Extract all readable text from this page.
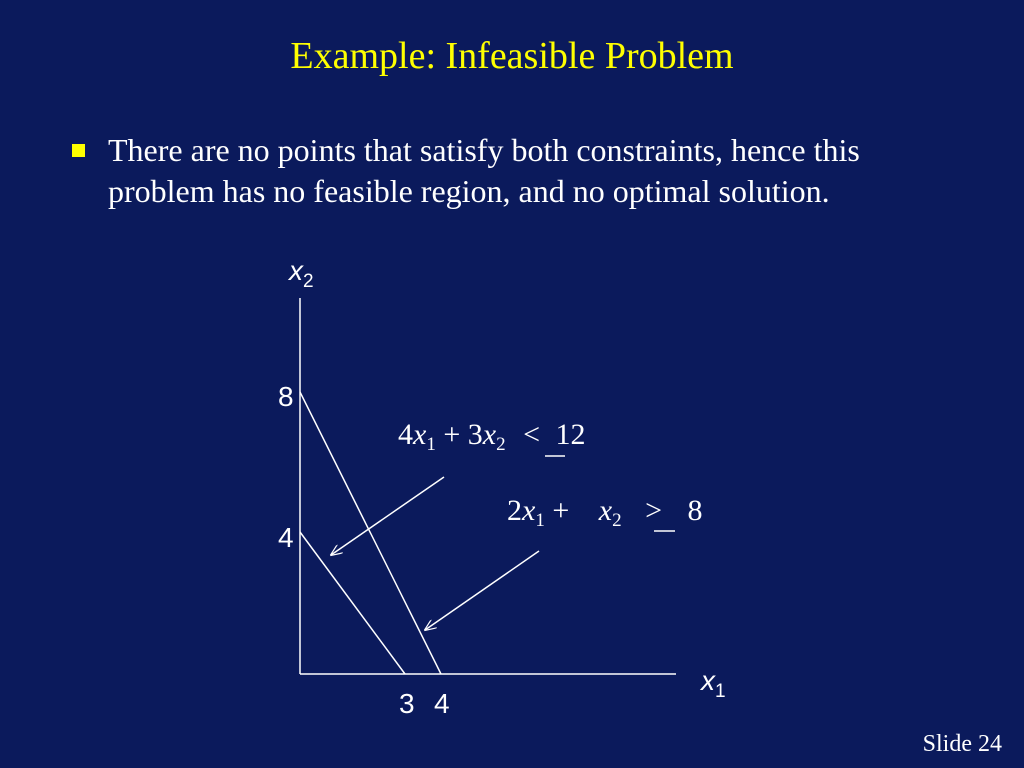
Example: Infeasible Problem
There are no points that satisfy both constraints, hence this problem has no feasible region, and no optimal solution.
$x_2$
$x_1$
8
4
3 4
$4x_1 + 3x_2 < 12$
$2x_1 + x_2 > 8$
Slide 24
